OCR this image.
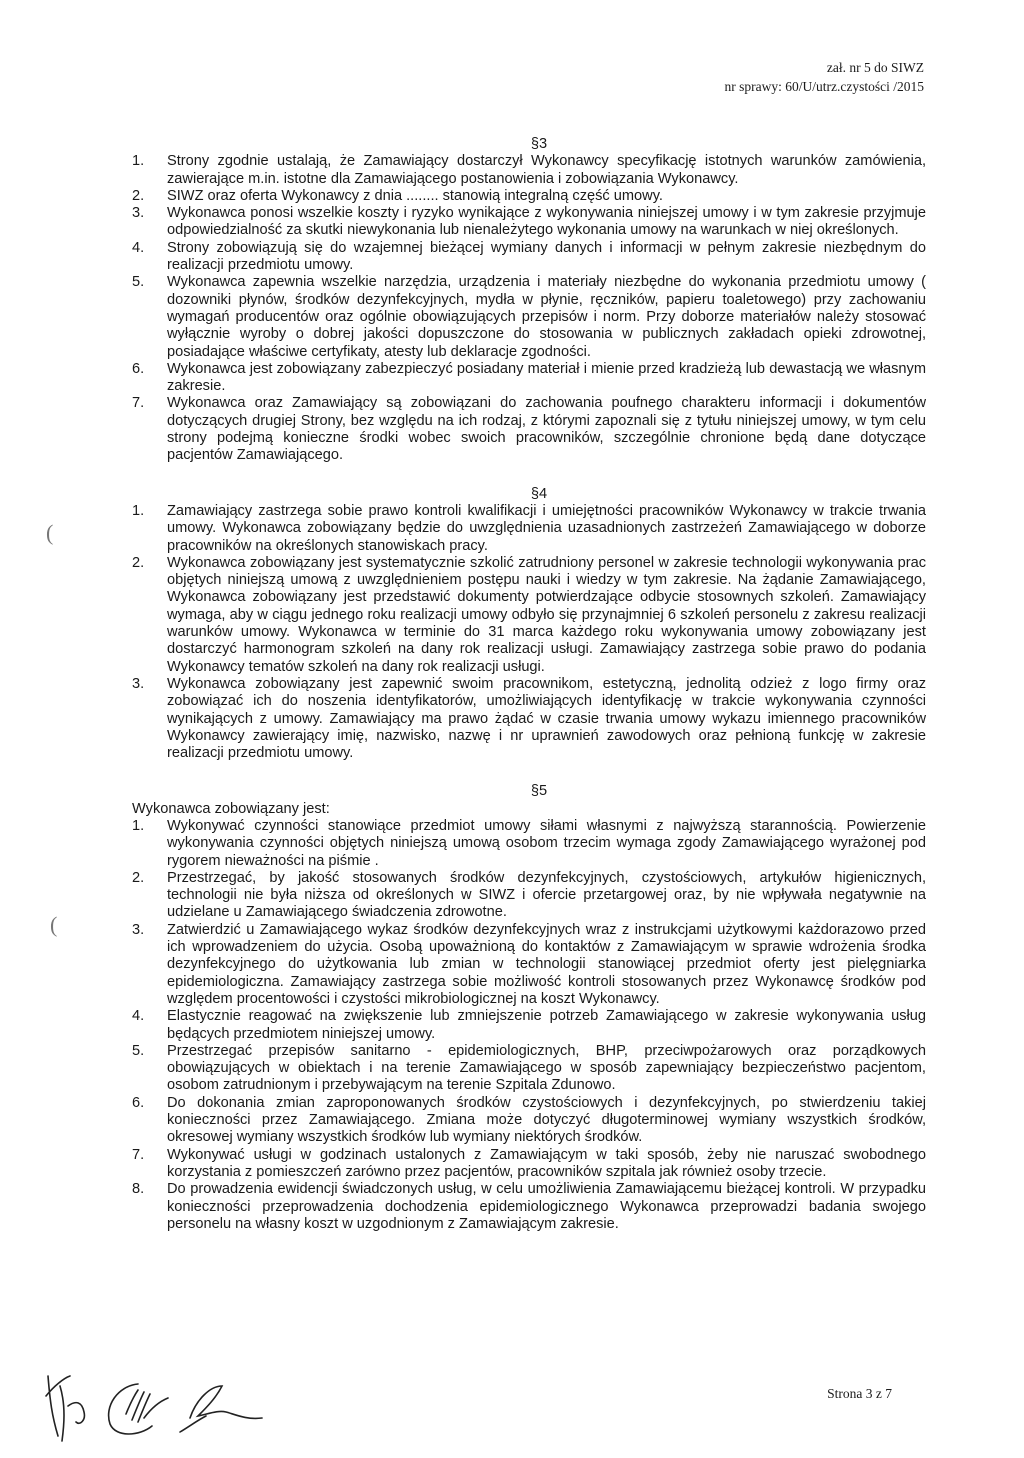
zał. nr 5 do SIWZ
nr sprawy: 60/U/utrz.czystości /2015

§3

1. Strony zgodnie ustalają, że Zamawiający dostarczył Wykonawcy specyfikację istotnych warunków zamówienia, zawierające m.in. istotne dla Zamawiającego postanowienia i zobowiązania Wykonawcy.
2. SIWZ oraz oferta Wykonawcy z dnia ........ stanowią integralną część umowy.
3. Wykonawca ponosi wszelkie koszty i ryzyko wynikające z wykonywania niniejszej umowy i w tym zakresie przyjmuje odpowiedzialność za skutki niewykonania lub nienależytego wykonania umowy na warunkach w niej określonych.
4. Strony zobowiązują się do wzajemnej bieżącej wymiany danych i informacji w pełnym zakresie niezbędnym do realizacji przedmiotu umowy.
5. Wykonawca zapewnia wszelkie narzędzia, urządzenia i materiały niezbędne do wykonania przedmiotu umowy ( dozowniki płynów, środków dezynfekcyjnych, mydła w płynie, ręczników, papieru toaletowego) przy zachowaniu wymagań producentów oraz ogólnie obowiązujących przepisów i norm. Przy doborze materiałów należy stosować wyłącznie wyroby o dobrej jakości dopuszczone do stosowania w publicznych zakładach opieki zdrowotnej, posiadające właściwe certyfikaty, atesty lub deklaracje zgodności.
6. Wykonawca jest zobowiązany zabezpieczyć posiadany materiał i mienie przed kradzieżą lub dewastacją we własnym zakresie.
7. Wykonawca oraz Zamawiający są zobowiązani do zachowania poufnego charakteru informacji i dokumentów dotyczących drugiej Strony, bez względu na ich rodzaj, z którymi zapoznali się z tytułu niniejszej umowy, w tym celu strony podejmą konieczne środki wobec swoich pracowników, szczególnie chronione będą dane dotyczące pacjentów Zamawiającego.

§4

1. Zamawiający zastrzega sobie prawo kontroli kwalifikacji i umiejętności pracowników Wykonawcy w trakcie trwania umowy. Wykonawca zobowiązany będzie do uwzględnienia uzasadnionych zastrzeżeń Zamawiającego w doborze pracowników na określonych stanowiskach pracy.
2. Wykonawca zobowiązany jest systematycznie szkolić zatrudniony personel w zakresie technologii wykonywania prac objętych niniejszą umową z uwzględnieniem postępu nauki i wiedzy w tym zakresie. Na żądanie Zamawiającego, Wykonawca zobowiązany jest przedstawić dokumenty potwierdzające odbycie stosownych szkoleń. Zamawiający wymaga, aby w ciągu jednego roku realizacji umowy odbyło się przynajmniej 6 szkoleń personelu z zakresu realizacji warunków umowy. Wykonawca w terminie do 31 marca każdego roku wykonywania umowy zobowiązany jest dostarczyć harmonogram szkoleń na dany rok realizacji usługi. Zamawiający zastrzega sobie prawo do podania Wykonawcy tematów szkoleń na dany rok realizacji usługi.
3. Wykonawca zobowiązany jest zapewnić swoim pracownikom, estetyczną, jednolitą odzież z logo firmy oraz zobowiązać ich do noszenia identyfikatorów, umożliwiających identyfikację w trakcie wykonywania czynności wynikających z umowy. Zamawiający ma prawo żądać w czasie trwania umowy wykazu imiennego pracowników Wykonawcy zawierający imię, nazwisko, nazwę i nr uprawnień zawodowych oraz pełnioną funkcję w zakresie realizacji przedmiotu umowy.

§5

Wykonawca zobowiązany jest:

1. Wykonywać czynności stanowiące przedmiot umowy siłami własnymi z najwyższą starannością. Powierzenie wykonywania czynności objętych niniejszą umową osobom trzecim wymaga zgody Zamawiającego wyrażonej pod rygorem nieważności na piśmie .
2. Przestrzegać, by jakość stosowanych środków dezynfekcyjnych, czystościowych, artykułów higienicznych, technologii nie była niższa od określonych w SIWZ i ofercie przetargowej oraz, by nie wpływała negatywnie na udzielane u Zamawiającego świadczenia zdrowotne.
3. Zatwierdzić u Zamawiającego wykaz środków dezynfekcyjnych wraz z instrukcjami użytkowymi każdorazowo przed ich wprowadzeniem do użycia. Osobą upoważnioną do kontaktów z Zamawiającym w sprawie wdrożenia środka dezynfekcyjnego do użytkowania lub zmian w technologii stanowiącej przedmiot oferty jest pielęgniarka epidemiologiczna. Zamawiający zastrzega sobie możliwość kontroli stosowanych przez Wykonawcę środków pod względem procentowości i czystości mikrobiologicznej na koszt Wykonawcy.
4. Elastycznie reagować na zwiększenie lub zmniejszenie potrzeb Zamawiającego w zakresie wykonywania usług będących przedmiotem niniejszej umowy.
5. Przestrzegać przepisów sanitarno - epidemiologicznych, BHP, przeciwpożarowych oraz porządkowych obowiązujących w obiektach i na terenie Zamawiającego w sposób zapewniający bezpieczeństwo pacjentom, osobom zatrudnionym i przebywającym na terenie Szpitala Zdunowo.
6. Do dokonania zmian zaproponowanych środków czystościowych i dezynfekcyjnych, po stwierdzeniu takiej konieczności przez Zamawiającego. Zmiana może dotyczyć długoterminowej wymiany wszystkich środków, okresowej wymiany wszystkich środków lub wymiany niektórych środków.
7. Wykonywać usługi w godzinach ustalonych z Zamawiającym w taki sposób, żeby nie naruszać swobodnego korzystania z pomieszczeń zarówno przez pacjentów, pracowników szpitala jak również osoby trzecie.
8. Do prowadzenia ewidencji świadczonych usług, w celu umożliwienia Zamawiającemu bieżącej kontroli. W przypadku konieczności przeprowadzenia dochodzenia epidemiologicznego Wykonawca przeprowadzi badania swojego personelu na własny koszt w uzgodnionym z Zamawiającym zakresie.
(
(
Strona 3 z 7
